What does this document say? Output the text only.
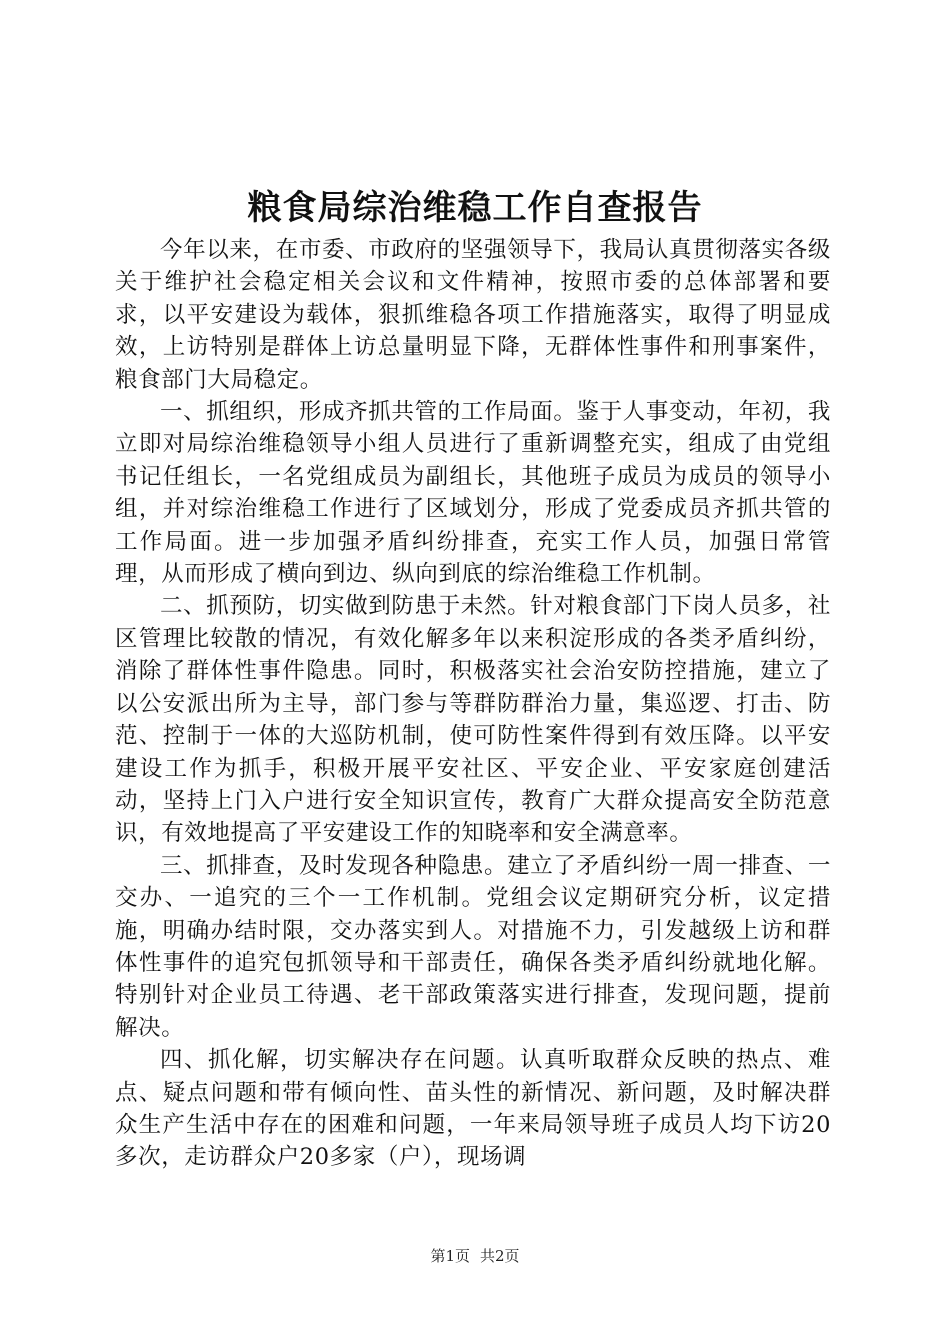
粮食局综治维稳工作自查报告

今年以来，在市委、市政府的坚强领导下，我局认真贯彻落实各级关于维护社会稳定相关会议和文件精神，按照市委的总体部署和要求，以平安建设为载体，狠抓维稳各项工作措施落实，取得了明显成效，上访特别是群体上访总量明显下降，无群体性事件和刑事案件，粮食部门大局稳定。

一、抓组织，形成齐抓共管的工作局面。鉴于人事变动，年初，我立即对局综治维稳领导小组人员进行了重新调整充实，组成了由党组书记任组长，一名党组成员为副组长，其他班子成员为成员的领导小组，并对综治维稳工作进行了区域划分，形成了党委成员齐抓共管的工作局面。进一步加强矛盾纠纷排查，充实工作人员，加强日常管理，从而形成了横向到边、纵向到底的综治维稳工作机制。

二、抓预防，切实做到防患于未然。针对粮食部门下岗人员多，社区管理比较散的情况，有效化解多年以来积淀形成的各类矛盾纠纷，消除了群体性事件隐患。同时，积极落实社会治安防控措施，建立了以公安派出所为主导，部门参与等群防群治力量，集巡逻、打击、防范、控制于一体的大巡防机制，使可防性案件得到有效压降。以平安建设工作为抓手，积极开展平安社区、平安企业、平安家庭创建活动，坚持上门入户进行安全知识宣传，教育广大群众提高安全防范意识，有效地提高了平安建设工作的知晓率和安全满意率。

三、抓排查，及时发现各种隐患。建立了矛盾纠纷一周一排查、一交办、一追究的三个一工作机制。党组会议定期研究分析，议定措施，明确办结时限，交办落实到人。对措施不力，引发越级上访和群体性事件的追究包抓领导和干部责任，确保各类矛盾纠纷就地化解。特别针对企业员工待遇、老干部政策落实进行排查，发现问题，提前解决。

四、抓化解，切实解决存在问题。认真听取群众反映的热点、难点、疑点问题和带有倾向性、苗头性的新情况、新问题，及时解决群众生产生活中存在的困难和问题，一年来局领导班子成员人均下访20多次，走访群众户20多家（户），现场调

第1页 共2页
